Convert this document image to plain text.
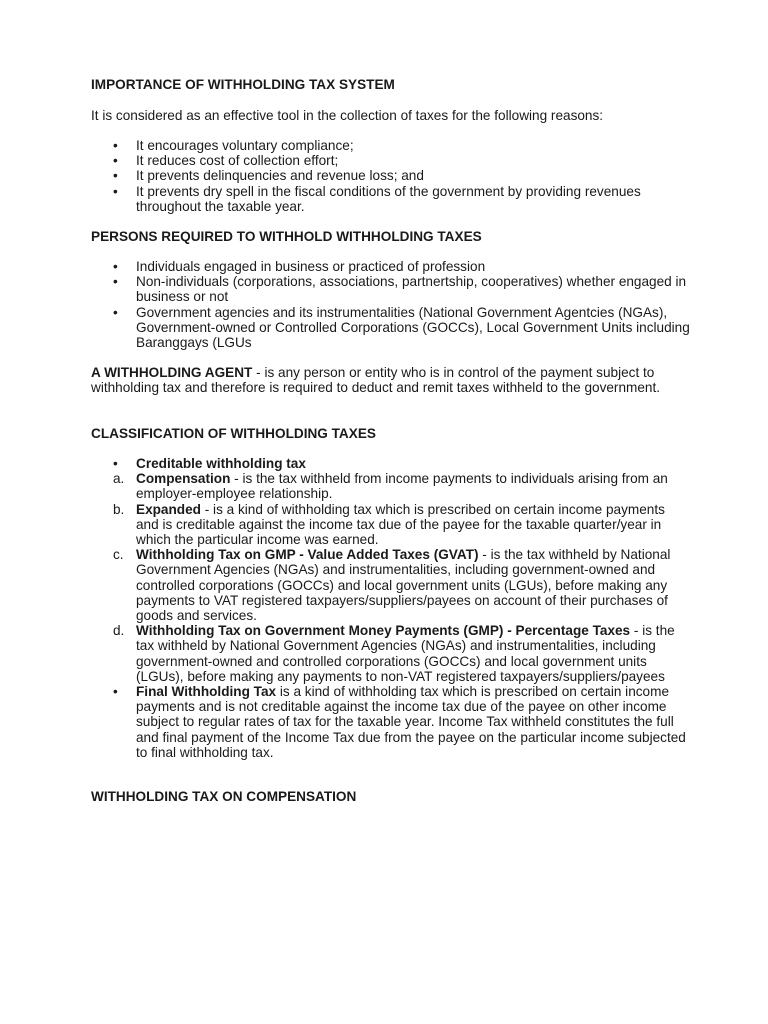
IMPORTANCE OF WITHHOLDING TAX SYSTEM

It is considered as an effective tool in the collection of taxes for the following reasons:

•	It encourages voluntary compliance;
•	It reduces cost of collection effort;
•	It prevents delinquencies and revenue loss; and
•	It prevents dry spell in the fiscal conditions of the government by providing revenues throughout the taxable year.

PERSONS REQUIRED TO WITHHOLD WITHHOLDING TAXES

•	Individuals engaged in business or practiced of profession
•	Non-individuals (corporations, associations, partnertship, cooperatives) whether engaged in business or not
•	Government agencies and its instrumentalities (National Government Agentcies (NGAs), Government-owned or Controlled Corporations (GOCCs), Local Government Units including Baranggays (LGUs

A WITHHOLDING AGENT - is any person or entity who is in control of the payment subject to withholding tax and therefore is required to deduct and remit taxes withheld to the government.

CLASSIFICATION OF WITHHOLDING TAXES

•	Creditable withholding tax
a. Compensation - is the tax withheld from income payments to individuals arising from an employer-employee relationship.
b. Expanded - is a kind of withholding tax which is prescribed on certain income payments and is creditable against the income tax due of the payee for the taxable quarter/year in which the particular income was earned.
c. Withholding Tax on GMP - Value Added Taxes (GVAT) - is the tax withheld by National Government Agencies (NGAs) and instrumentalities, including government-owned and controlled corporations (GOCCs) and local government units (LGUs), before making any payments to VAT registered taxpayers/suppliers/payees on account of their purchases of goods and services.
d. Withholding Tax on Government Money Payments (GMP) - Percentage Taxes - is the tax withheld by National Government Agencies (NGAs) and instrumentalities, including government-owned and controlled corporations (GOCCs) and local government units (LGUs), before making any payments to non-VAT registered taxpayers/suppliers/payees
•	Final Withholding Tax is a kind of withholding tax which is prescribed on certain income payments and is not creditable against the income tax due of the payee on other income subject to regular rates of tax for the taxable year. Income Tax withheld constitutes the full and final payment of the Income Tax due from the payee on the particular income subjected to final withholding tax.

WITHHOLDING TAX ON COMPENSATION
